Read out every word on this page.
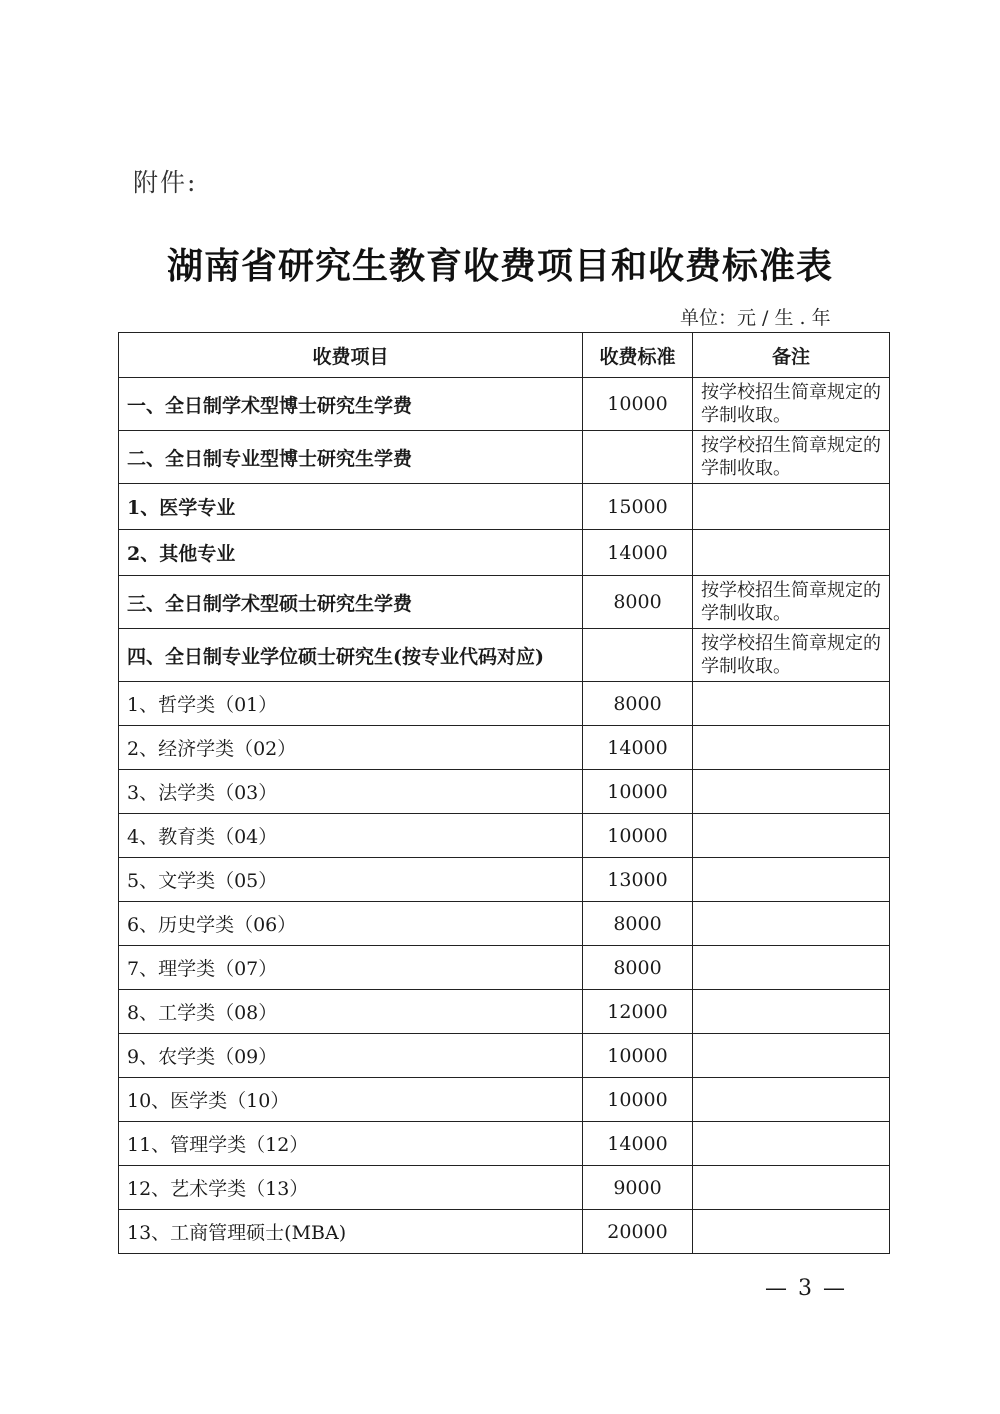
附件:
湖南省研究生教育收费项目和收费标准表
单位：元 / 生 . 年
收费项目	收费标准	备注
一、全日制学术型博士研究生学费	10000	按学校招生简章规定的学制收取。
二、全日制专业型博士研究生学费		按学校招生简章规定的学制收取。
1、医学专业	15000	
2、其他专业	14000	
三、全日制学术型硕士研究生学费	8000	按学校招生简章规定的学制收取。
四、全日制专业学位硕士研究生(按专业代码对应)		按学校招生简章规定的学制收取。
1、哲学类（01）	8000	
2、经济学类（02）	14000	
3、法学类（03）	10000	
4、教育类（04）	10000	
5、文学类（05）	13000	
6、历史学类（06）	8000	
7、理学类（07）	8000	
8、工学类（08）	12000	
9、农学类（09）	10000	
10、医学类（10）	10000	
11、管理学类（12）	14000	
12、艺术学类（13）	9000	
13、工商管理硕士(MBA)	20000	
— 3 —
